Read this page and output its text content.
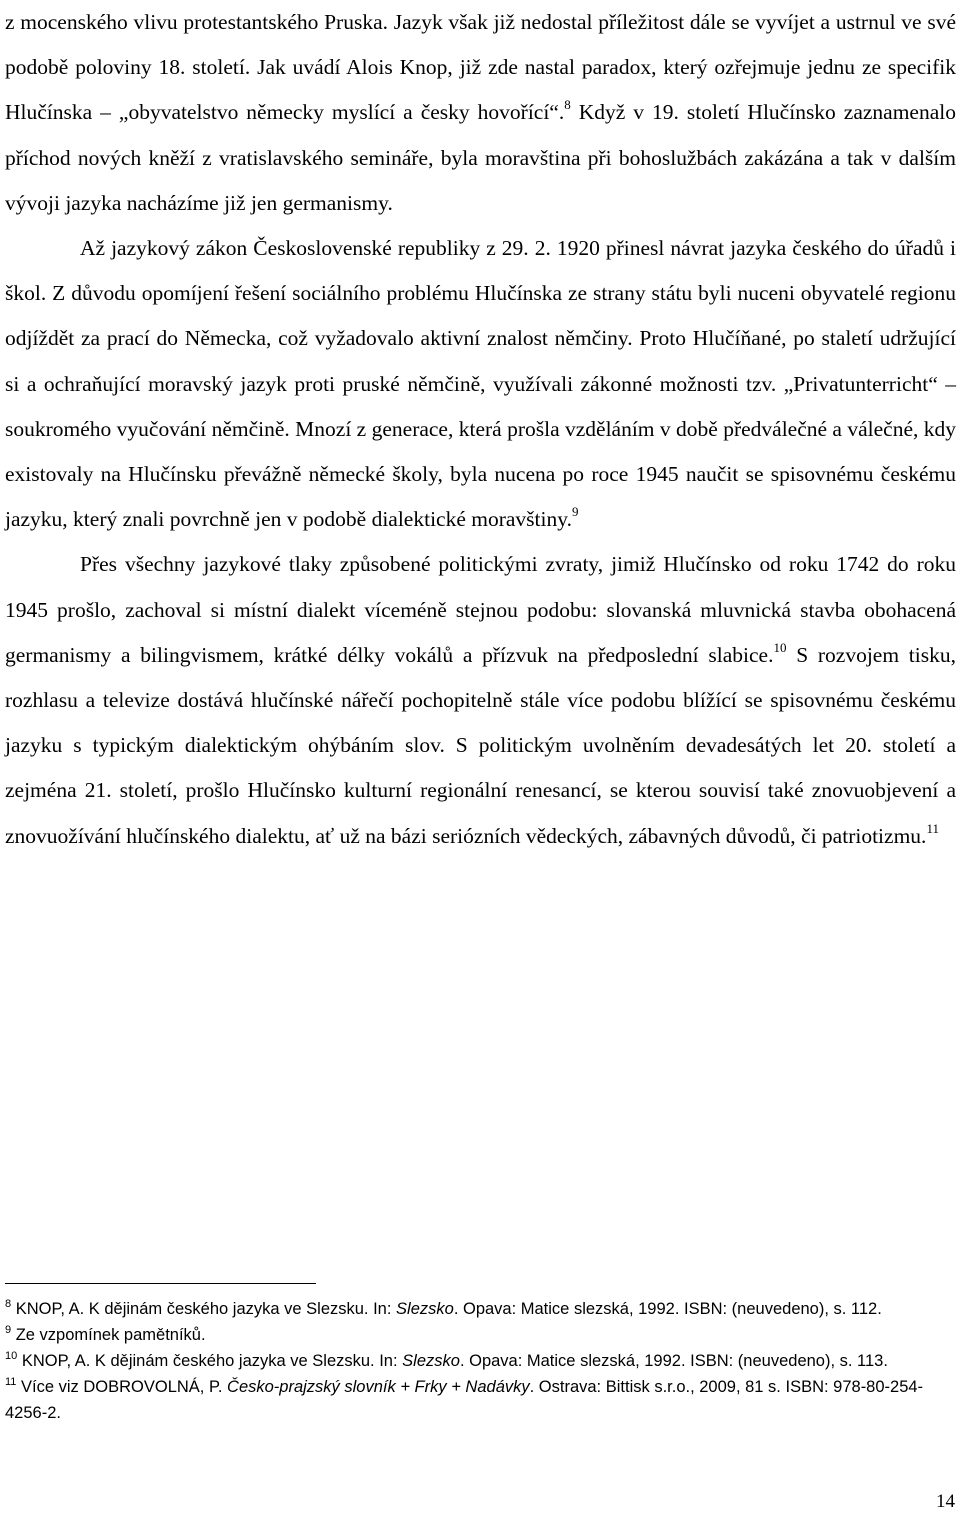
z mocenského vlivu protestantského Pruska. Jazyk však již nedostal příležitost dále se vyvíjet a ustrnul ve své podobě poloviny 18. století. Jak uvádí Alois Knop, již zde nastal paradox, který ozřejmuje jednu ze specifik Hlučínska – „obyvatelstvo německy myslící a česky hovořící“.$^8$ Když v 19. století Hlučínsko zaznamenalo příchod nových kněží z vratislavského semináře, byla moravština při bohoslužbách zakázána a tak v dalším vývoji jazyka nacházíme již jen germanismy.

Až jazykový zákon Československé republiky z 29. 2. 1920 přinesl návrat jazyka českého do úřadů i škol. Z důvodu opomíjení řešení sociálního problému Hlučínska ze strany státu byli nuceni obyvatelé regionu odjíždět za prací do Německa, což vyžadovalo aktivní znalost němčiny. Proto Hlučíňané, po staletí udržující si a ochraňující moravský jazyk proti pruské němčině, využívali zákonné možnosti tzv. „Privatunterricht“ – soukromého vyučování němčině. Mnozí z generace, která prošla vzděláním v době předválečné a válečné, kdy existovaly na Hlučínsku převážně německé školy, byla nucena po roce 1945 naučit se spisovnému českému jazyku, který znali povrchně jen v podobě dialektické moravštiny.$^9$

Přes všechny jazykové tlaky způsobené politickými zvraty, jimiž Hlučínsko od roku 1742 do roku 1945 prošlo, zachoval si místní dialekt víceméně stejnou podobu: slovanská mluvnická stavba obohacená germanismy a bilingvismem, krátké délky vokálů a přízvuk na předposlední slabice.$^{10}$ S rozvojem tisku, rozhlasu a televize dostává hlučínské nářečí pochopitelně stále více podobu blížící se spisovnému českému jazyku s typickým dialektickým ohýbáním slov. S politickým uvolněním devadesátých let 20. století a zejména 21. století, prošlo Hlučínsko kulturní regionální renesancí, se kterou souvisí také znovuobjevení a znovuožívání hlučínského dialektu, ať už na bázi seriózních vědeckých, zábavných důvodů, či patriotizmu.$^{11}$

$^8$ KNOP, A. K dějinám českého jazyka ve Slezsku. In: Slezsko. Opava: Matice slezská, 1992. ISBN: (neuvedeno), s. 112.

$^9$ Ze vzpomínek pamětníků.

$^{10}$ KNOP, A. K dějinám českého jazyka ve Slezsku. In: Slezsko. Opava: Matice slezská, 1992. ISBN: (neuvedeno), s. 113.

$^{11}$ Více viz DOBROVOLNÁ, P. Česko-prajzský slovník + Frky + Nadávky. Ostrava: Bittisk s.r.o., 2009, 81 s. ISBN: 978-80-254-4256-2.

14
